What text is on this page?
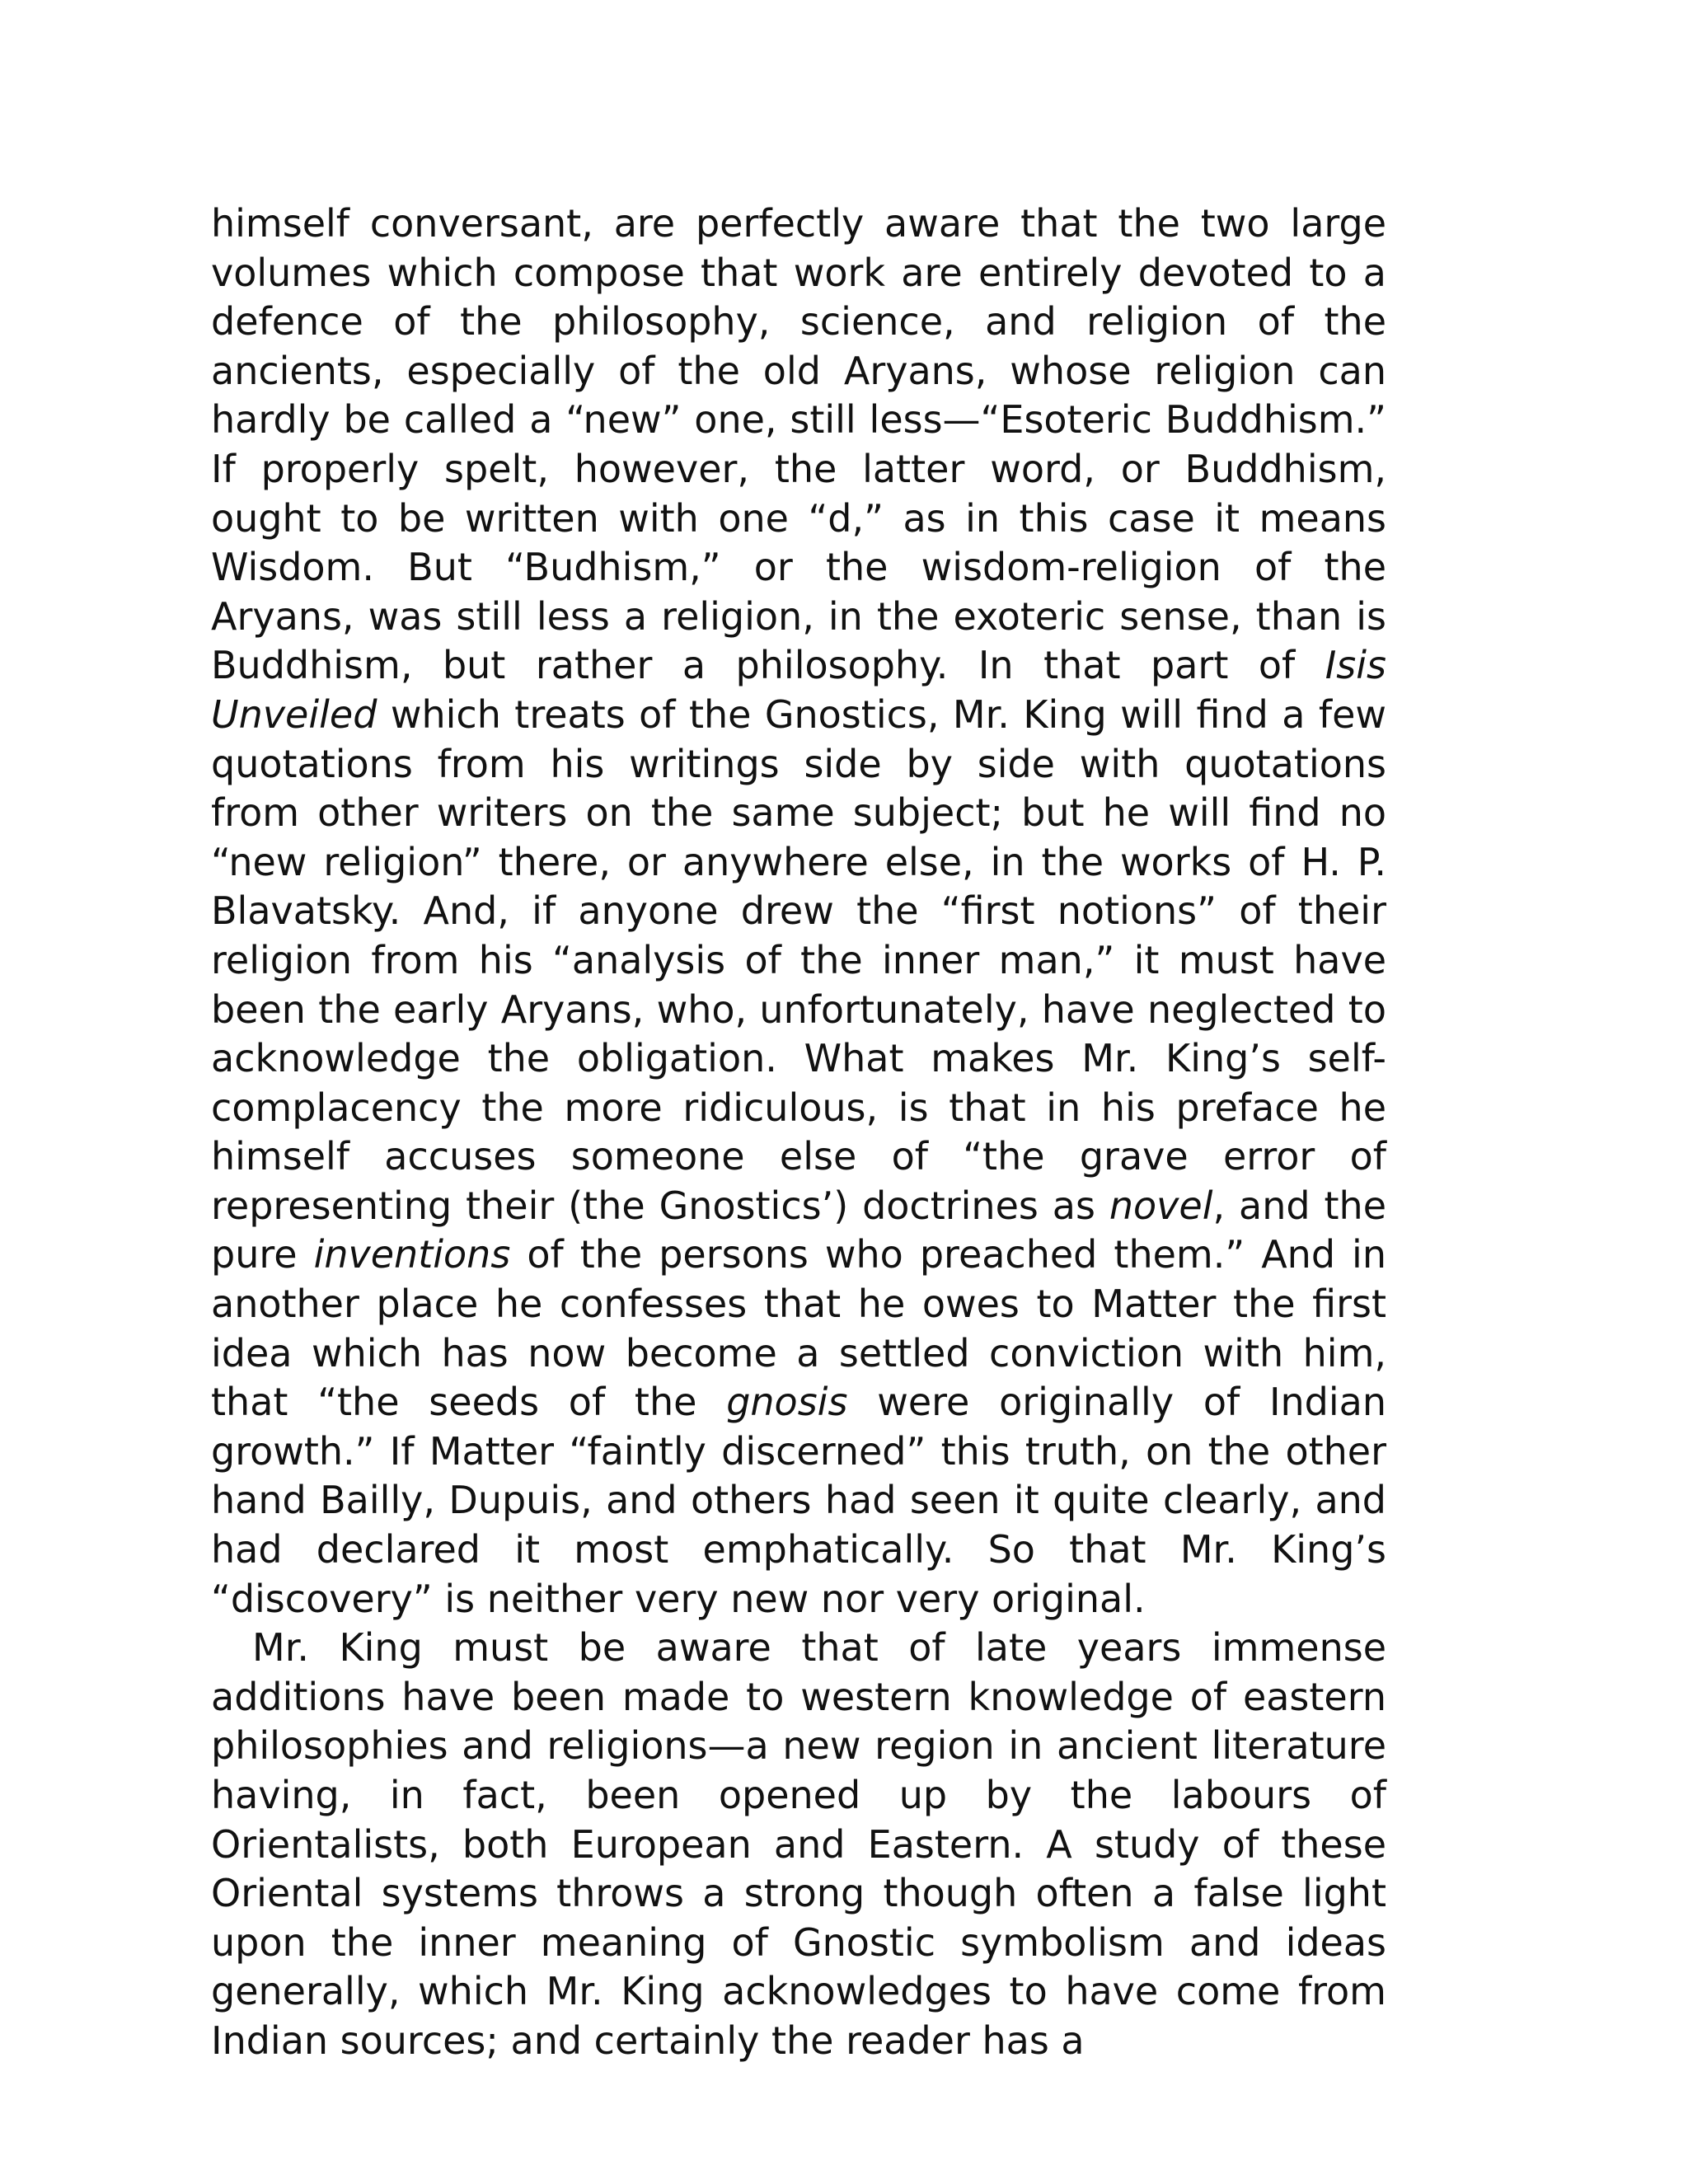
himself conversant, are perfectly aware that the two large volumes which compose that work are entirely devoted to a defence of the philosophy, science, and religion of the ancients, especially of the old Aryans, whose religion can hardly be called a “new” one, still less—“Esoteric Buddhism.” If properly spelt, however, the latter word, or Buddhism, ought to be written with one “d,” as in this case it means Wisdom. But “Budhism,” or the wisdom-religion of the Aryans, was still less a religion, in the exoteric sense, than is Buddhism, but rather a philosophy. In that part of Isis Unveiled which treats of the Gnostics, Mr. King will find a few quotations from his writings side by side with quotations from other writers on the same subject; but he will find no “new religion” there, or anywhere else, in the works of H. P. Blavatsky. And, if anyone drew the “first notions” of their religion from his “analysis of the inner man,” it must have been the early Aryans, who, unfortunately, have neglected to acknowledge the obligation. What makes Mr. King’s self-complacency the more ridiculous, is that in his preface he himself accuses someone else of “the grave error of representing their (the Gnostics’) doctrines as novel, and the pure inventions of the persons who preached them.” And in another place he confesses that he owes to Matter the first idea which has now become a settled conviction with him, that “the seeds of the gnosis were originally of Indian growth.” If Matter “faintly discerned” this truth, on the other hand Bailly, Dupuis, and others had seen it quite clearly, and had declared it most emphatically. So that Mr. King’s “discovery” is neither very new nor very original.

Mr. King must be aware that of late years immense additions have been made to western knowledge of eastern philosophies and religions—a new region in ancient literature having, in fact, been opened up by the labours of Orientalists, both European and Eastern. A study of these Oriental systems throws a strong though often a false light upon the inner meaning of Gnostic symbolism and ideas generally, which Mr. King acknowledges to have come from Indian sources; and certainly the reader has a
